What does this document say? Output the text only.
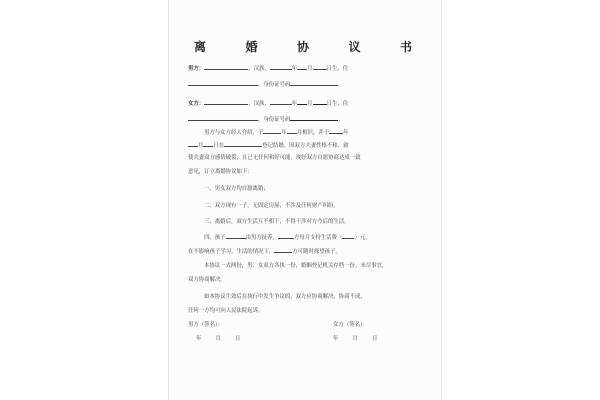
离	婚	协	议	书
男方：	，汉族，	年 月	日生，住
，身份证号码	。
女方：	，汉族，	年 月	日生，住
，身份证号码	.
男方与女方经人介绍，于	年 月相识，并于	年
月 日在	登记结婚。因双方夫妻性格不和，致
使夫妻双方感情破裂，且已无任何和好可能，现经双方自愿协商达成一致
意见，订立离婚协议如下：
一、男女双方均自愿离婚；
二、双方现有一子，无固定房屋，不涉及任何财产纠纷。
三、离婚后，双方生活互不相干，不得干涉对方今后的生活。
四、孩子	由男方抚养，	方每月支持生活费（ ）元，
在不影响孩子学习、生活的情况下，	方可随时探望孩子。
本协议一式两份，男、女双方各执一份，婚姻登记机关存档一份。未尽事宜，
双方协商解决。
如本协议生效后在执行中发生争议的，双方应协商解决，协商不成，
任何一方均可向人民法院起诉。
男方（签名）：	女方（签名）：
年	月	日	年	月	日
